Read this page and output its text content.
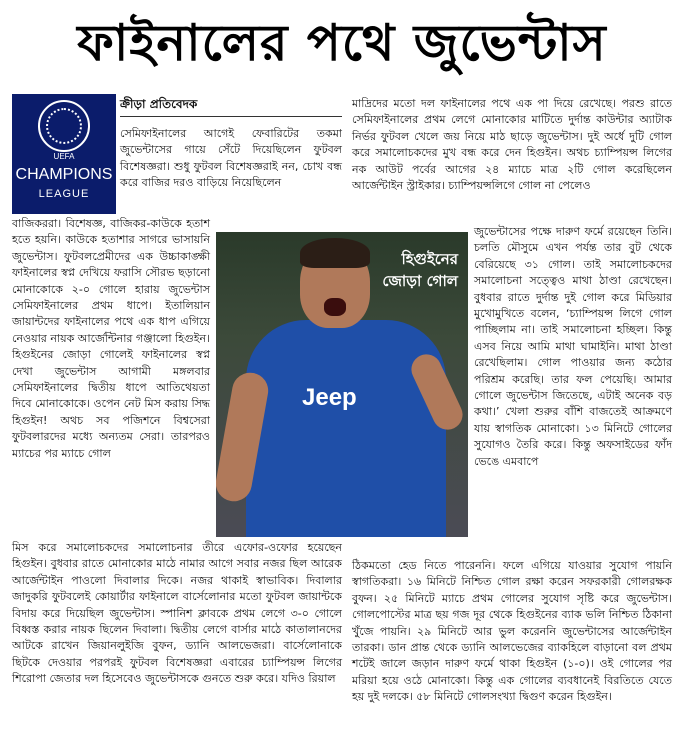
ফাইনালের পথে জুভেন্টাস
UEFA
CHAMPIONS
LEAGUE
ক্রীড়া প্রতিবেদক

সেমিফাইনালের আগেই ফেবারিটের তকমা জুভেন্টাসের গায়ে সেঁটে দিয়েছিলেন ফুটবল বিশেষজ্ঞরা। শুধু ফুটবল বিশেষজ্ঞরাই নন, চোখ বন্ধ করে বাজির দরও বাড়িয়ে নিয়েছিলেন

বাজিকররা। বিশেষজ্ঞ, বাজিকর-কাউকে হতাশ হতে হয়নি। কাউকে হতাশার সাগরে ভাসায়নি জুভেন্টাস। ফুটবলপ্রেমীদের এক উচ্চাকাঙ্ক্ষী ফাইনালের স্বপ্ন দেখিয়ে ফরাসি সৌরভ ছড়ানো মোনাকোকে ২-০ গোলে হারায় জুভেন্টাস সেমিফাইনালের প্রথম ধাপে। ইতালিয়ান জায়ান্টদের ফাইনালের পথে এক ধাপ এগিয়ে নেওয়ার নায়ক আর্জেন্টিনার গঞ্জালো হিগুইন। হিগুইনের জোড়া গোলেই ফাইনালের স্বপ্ন দেখা জুভেন্টাস আগামী মঙ্গলবার সেমিফাইনালের দ্বিতীয় ধাপে আতিথেয়তা দিবে মোনাকোকে। ওপেন নেট মিস করায় সিদ্ধ হিগুইন! অথচ সব পজিশনে বিশ্বসেরা ফুটবলারদের মধ্যে অন্যতম সেরা। তারপরও ম্যাচের পর ম্যাচে গোল

Jeep
হিগুইনের
জোড়া গোল

মিস করে সমালোচকদের সমালোচনার তীরে এফোর-ওফোর হয়েছেন হিগুইন। বুধবার রাতে মোনাকোর মাঠে নামার আগে সবার নজর ছিল আরেক আর্জেন্টাইন পাওলো দিবালার দিকে। নজর থাকাই স্বাভাবিক। দিবালার জাদুকরি ফুটবলেই কোয়ার্টার ফাইনালে বার্সেলোনার মতো ফুটবল জায়ান্টকে বিদায় করে দিয়েছিল জুভেন্টাস। স্পানিশ ক্লাবকে প্রথম লেগে ৩-০ গোলে বিধ্বস্ত করার নায়ক ছিলেন দিবালা। দ্বিতীয় লেগে বার্সার মাঠে কাতালানদের আটকে রাখেন জিয়ানলুইজি বুফন, ড্যানি আলভেজরা। বার্সেলোনাকে ছিটকে দেওয়ার পরপরই ফুটবল বিশেষজ্ঞরা এবারের চ্যাম্পিয়ন্স লিগের শিরোপা জেতার দল হিসেবেও জুভেন্টাসকে গুনতে শুরু করে। যদিও রিয়াল

মাদ্রিদের মতো দল ফাইনালের পথে এক পা দিয়ে রেখেছে। পরশু রাতে সেমিফাইনালের প্রথম লেগে মোনাকোর মাটিতে দুর্দান্ত কাউন্টার অ্যাটাক নির্ভর ফুটবল খেলে জয় নিয়ে মাঠ ছাড়ে জুভেন্টাস। দুই অর্ধে দুটি গোল করে সমালোচকদের মুখ বন্ধ করে দেন হিগুইন। অথচ চ্যাম্পিয়ন্স লিগের নক আউট পর্বের আগের ২৪ ম্যাচে মাত্র ২টি গোল করেছিলেন আর্জেন্টাইন স্ট্রাইকার। চ্যাম্পিয়ন্সলিগে গোল না পেলেও

জুভেন্টাসের পক্ষে দারুণ ফর্মে রয়েছেন তিনি। চলতি মৌসুমে এখন পর্যন্ত তার বুট থেকে বেরিয়েছে ৩১ গোল। তাই সমালোচকদের সমালোচনা সত্ত্বেও মাথা ঠাণ্ডা রেখেছেন। বুধবার রাতে দুর্দান্ত দুই গোল করে মিডিয়ার মুখোমুখিতে বলেন, ‘চ্যাম্পিয়ন্স লিগে গোল পাচ্ছিলাম না। তাই সমালোচনা হচ্ছিল। কিন্তু এসব নিয়ে আমি মাথা ঘামাইনি। মাথা ঠাণ্ডা রেখেছিলাম। গোল পাওয়ার জন্য কঠোর পরিশ্রম করেছি। তার ফল পেয়েছি। আমার গোলে জুভেন্টাস জিতেছে, এটাই অনেক বড় কথা।’ খেলা শুরুর বাঁশি বাজতেই আক্রমণে যায় স্বাগতিক মোনাকো। ১৩ মিনিটে গোলের সুযোগও তৈরি করে। কিন্তু অফসাইডের ফাঁদ ভেঙে এমবাপে

ঠিকমতো হেড নিতে পারেননি। ফলে এগিয়ে যাওয়ার সুযোগ পায়নি স্বাগতিকরা। ১৬ মিনিটে নিশ্চিত গোল রক্ষা করেন সফরকারী গোলরক্ষক বুফন। ২৫ মিনিটে ম্যাচে প্রথম গোলের সুযোগ সৃষ্টি করে জুভেন্টাস। গোলপোস্টের মাত্র ছয় গজ দূর থেকে হিগুইনের ব্যাক ভলি নিশ্চিত ঠিকানা খুঁজে পায়নি। ২৯ মিনিটে আর ভুল করেননি জুভেন্টাসের আর্জেন্টাইন তারকা। ডান প্রান্ত থেকে ড্যানি আলভেজের ব্যাকহিলে বাড়ানো বল প্রথম শটেই জালে জড়ান দারুণ ফর্মে থাকা হিগুইন (১-০)। ওই গোলের পর মরিয়া হয়ে ওঠে মোনাকো। কিন্তু এক গোলের ব্যবধানেই বিরতিতে যেতে হয় দুই দলকে। ৫৮ মিনিটে গোলসংখ্যা দ্বিগুণ করেন হিগুইন।
